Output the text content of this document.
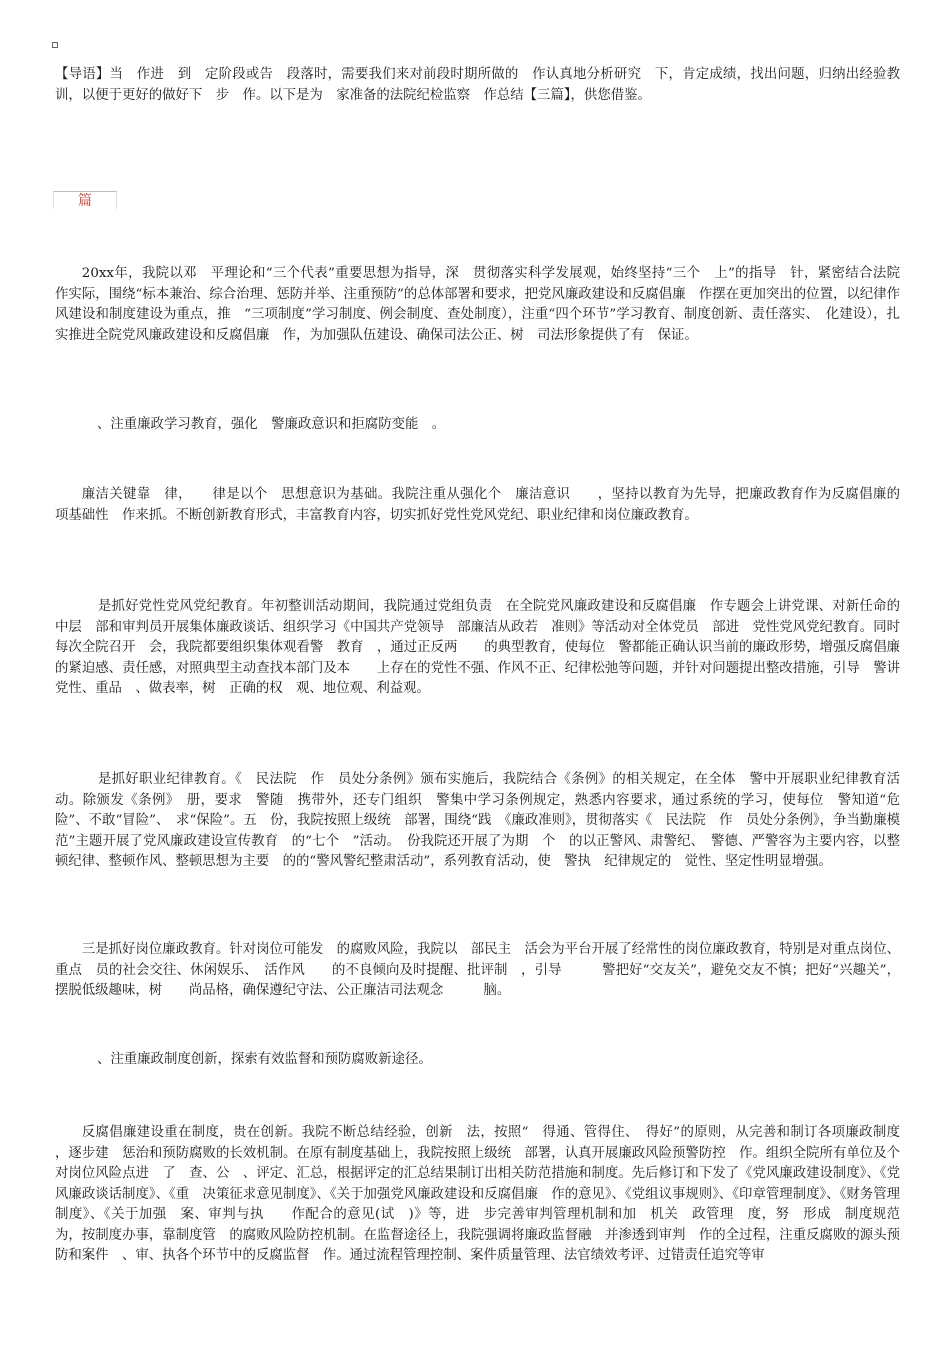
【导语】当　作进　到　定阶段或告　段落时，需要我们来对前段时期所做的　作认真地分析研究　下，肯定成绩，找出问题，归纳出经验教训，以便于更好的做好下　步　作。以下是为　家准备的法院纪检监察　作总结【三篇】，供您借鉴。

篇

20xx年，我院以邓　平理论和“三个代表”重要思想为指导，深　贯彻落实科学发展观，始终坚持“三个　上”的指导　针，紧密结合法院　作实际，围绕“标本兼治、综合治理、惩防并举、注重预防”的总体部署和要求，把党风廉政建设和反腐倡廉　作摆在更加突出的位置，以纪律作风建设和制度建设为重点，推　“三项制度”学习制度、例会制度、查处制度），注重“四个环节”学习教育、制度创新、责任落实、　化建设），扎实推进全院党风廉政建设和反腐倡廉　作，为加强队伍建设、确保司法公正、树　司法形象提供了有　保证。

、注重廉政学习教育，强化　警廉政意识和拒腐防变能　。

廉洁关键靠　律，　　律是以个　思想意识为基础。我院注重从强化个　廉洁意识　　，坚持以教育为先导，把廉政教育作为反腐倡廉的　项基础性　作来抓。不断创新教育形式，丰富教育内容，切实抓好党性党风党纪、职业纪律和岗位廉政教育。

是抓好党性党风党纪教育。年初整训活动期间，我院通过党组负责　在全院党风廉政建设和反腐倡廉　作专题会上讲党课、对新任命的中层　部和审判员开展集体廉政谈话、组织学习《中国共产党领导　部廉洁从政若　准则》等活动对全体党员　部进　党性党风党纪教育。同时每次全院召开　会，我院都要组织集体观看警　教育　，通过正反两　　的典型教育，使每位　警都能正确认识当前的廉政形势，增强反腐倡廉的紧迫感、责任感，对照典型主动查找本部门及本　　上存在的党性不强、作风不正、纪律松弛等问题，并针对问题提出整改措施，引导　警讲党性、重品　、做表率，树　正确的权　观、地位观、利益观。

是抓好职业纪律教育。《　民法院　作　员处分条例》颁布实施后，我院结合《条例》的相关规定，在全体　警中开展职业纪律教育活动。除颁发《条例》　册，要求　警随　携带外，还专门组织　警集中学习条例规定，熟悉内容要求，通过系统的学习，使每位　警知道“危险”、不敢“冒险”、　求“保险”。五　份，我院按照上级统　部署，围绕“践　《廉政准则》，贯彻落实《　民法院　作　员处分条例》，争当勤廉模范”主题开展了党风廉政建设宣传教育　的“七个　”活动。　份我院还开展了为期　个　的以正警风、肃警纪、　警德、严警容为主要内容，以整顿纪律、整顿作风、整顿思想为主要　的的“警风警纪整肃活动”，系列教育活动，使　警执　纪律规定的　觉性、坚定性明显增强。

三是抓好岗位廉政教育。针对岗位可能发　的腐败风险，我院以　部民主　活会为平台开展了经常性的岗位廉政教育，特别是对重点岗位、重点　员的社会交往、休闲娱乐、　活作风　　的不良倾向及时提醒、批评制　，引导　　　警把好“交友关”，避免交友不慎；把好“兴趣关”，摆脱低级趣味，树　　尚品格，确保遵纪守法、公正廉洁司法观念　　　脑。

、注重廉政制度创新，探索有效监督和预防腐败新途径。

反腐倡廉建设重在制度，贵在创新。我院不断总结经验，创新　法，按照“　得通、管得住、　得好”的原则，从完善和制订各项廉政制度　　，逐步建　惩治和预防腐败的长效机制。在原有制度基础上，我院按照上级统　部署，认真开展廉政风险预警防控　作。组织全院所有单位及个　对岗位风险点进　了　查、公　、评定、汇总，根据评定的汇总结果制订出相关防范措施和制度。先后修订和下发了《党风廉政建设制度》、《党风廉政谈话制度》、《重　决策征求意见制度》、《关于加强党风廉政建设和反腐倡廉　作的意见》、《党组议事规则》、《印章管理制度》、《财务管理制度》、《关于加强　案、审判与执　　作配合的意见(试　)》等，进　步完善审判管理机制和加　机关　政管理　度，努　形成　制度规范　为，按制度办事，靠制度管　的腐败风险防控机制。在监督途径上，我院强调将廉政监督融　并渗透到审判　作的全过程，注重反腐败的源头预防和案件　、审、执各个环节中的反腐监督　作。通过流程管理控制、案件质量管理、法官绩效考评、过错责任追究等审
